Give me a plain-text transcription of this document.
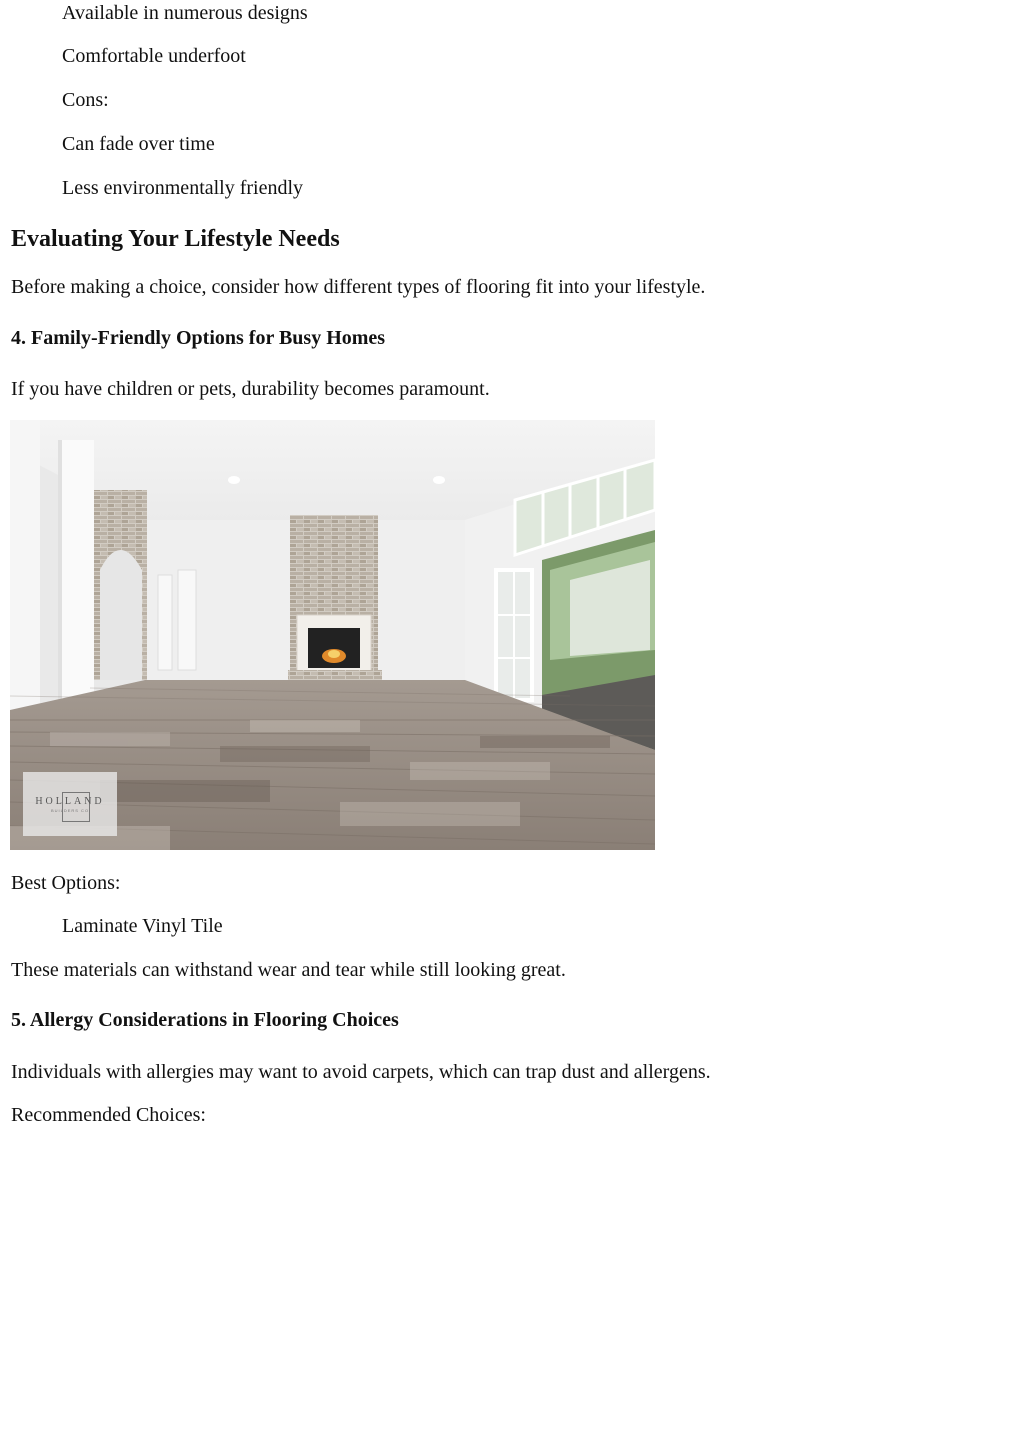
Available in numerous designs

Comfortable underfoot

Cons:

Can fade over time

Less environmentally friendly

Evaluating Your Lifestyle Needs

Before making a choice, consider how different types of flooring fit into your lifestyle.

4. Family-Friendly Options for Busy Homes

If you have children or pets, durability becomes paramount.

HOLLAND
BUILDERS CO

Best Options:

Laminate Vinyl Tile

These materials can withstand wear and tear while still looking great.

5. Allergy Considerations in Flooring Choices

Individuals with allergies may want to avoid carpets, which can trap dust and allergens.

Recommended Choices:
